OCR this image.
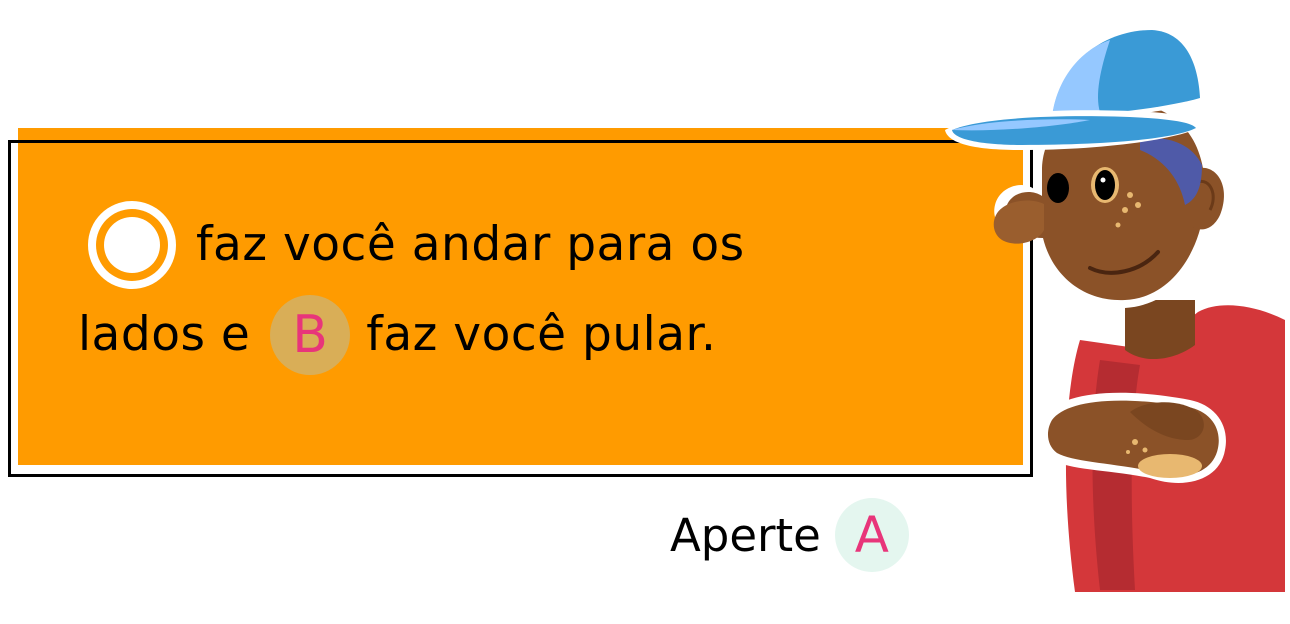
faz você andar para os
lados e B faz você pular.
Aperte A
